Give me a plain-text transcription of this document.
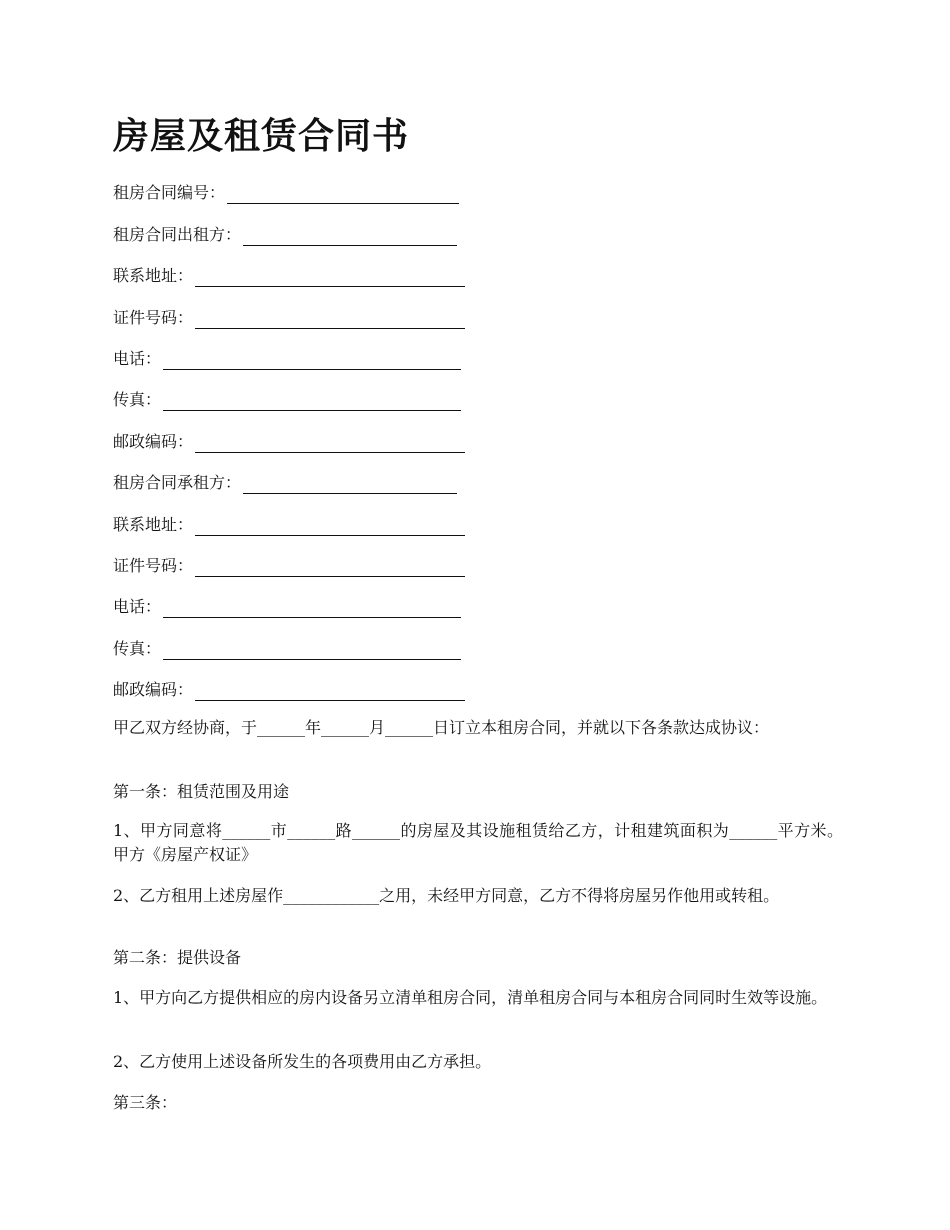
房屋及租赁合同书
租房合同编号：
租房合同出租方：
联系地址：
证件号码：
电话：
传真：
邮政编码：
租房合同承租方：
联系地址：
证件号码：
电话：
传真：
邮政编码：

甲乙双方经协商，于______年______月______日订立本租房合同，并就以下各条款达成协议：

第一条：租赁范围及用途

1、甲方同意将______市______路______的房屋及其设施租赁给乙方，计租建筑面积为______平方米。甲方《房屋产权证》

2、乙方租用上述房屋作____________之用，未经甲方同意，乙方不得将房屋另作他用或转租。

第二条：提供设备

1、甲方向乙方提供相应的房内设备另立清单租房合同，清单租房合同与本租房合同同时生效等设施。

2、乙方使用上述设备所发生的各项费用由乙方承担。

第三条：
